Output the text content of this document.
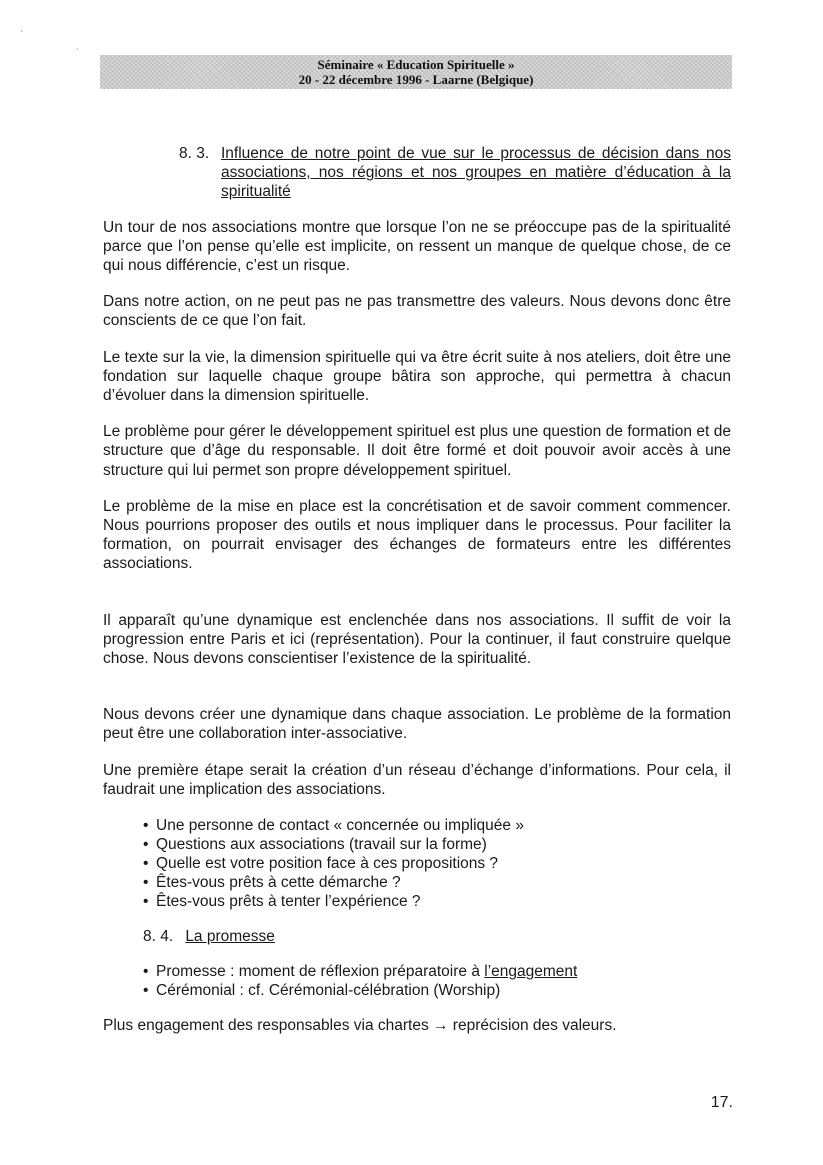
ˊ
ˎ
Séminaire « Education Spirituelle »
20 - 22 décembre 1996 - Laarne (Belgique)
8. 3. Influence de notre point de vue sur le processus de décision dans nos associations, nos régions et nos groupes en matière d’éducation à la spiritualité

Un tour de nos associations montre que lorsque l’on ne se préoccupe pas de la spiritualité parce que l’on pense qu’elle est implicite, on ressent un manque de quelque chose, de ce qui nous différencie, c’est un risque.

Dans notre action, on ne peut pas ne pas transmettre des valeurs. Nous devons donc être conscients de ce que l’on fait.

Le texte sur la vie, la dimension spirituelle qui va être écrit suite à nos ateliers, doit être une fondation sur laquelle chaque groupe bâtira son approche, qui permettra à chacun d’évoluer dans la dimension spirituelle.

Le problème pour gérer le développement spirituel est plus une question de formation et de structure que d’âge du responsable. Il doit être formé et doit pouvoir avoir accès à une structure qui lui permet son propre développement spirituel.

Le problème de la mise en place est la concrétisation et de savoir comment commencer. Nous pourrions proposer des outils et nous impliquer dans le processus. Pour faciliter la formation, on pourrait envisager des échanges de formateurs entre les différentes associations.

Il apparaît qu’une dynamique est enclenchée dans nos associations. Il suffit de voir la progression entre Paris et ici (représentation). Pour la continuer, il faut construire quelque chose. Nous devons conscientiser l’existence de la spiritualité.

Nous devons créer une dynamique dans chaque association. Le problème de la formation peut être une collaboration inter-associative.

Une première étape serait la création d’un réseau d’échange d’informations. Pour cela, il faudrait une implication des associations.

• Une personne de contact « concernée ou impliquée »
• Questions aux associations (travail sur la forme)
• Quelle est votre position face à ces propositions ?
• Êtes-vous prêts à cette démarche ?
• Êtes-vous prêts à tenter l’expérience ?
8. 4. La promesse
• Promesse : moment de réflexion préparatoire à l’engagement
• Cérémonial : cf. Cérémonial-célébration (Worship)

Plus engagement des responsables via chartes → reprécision des valeurs.

17.
